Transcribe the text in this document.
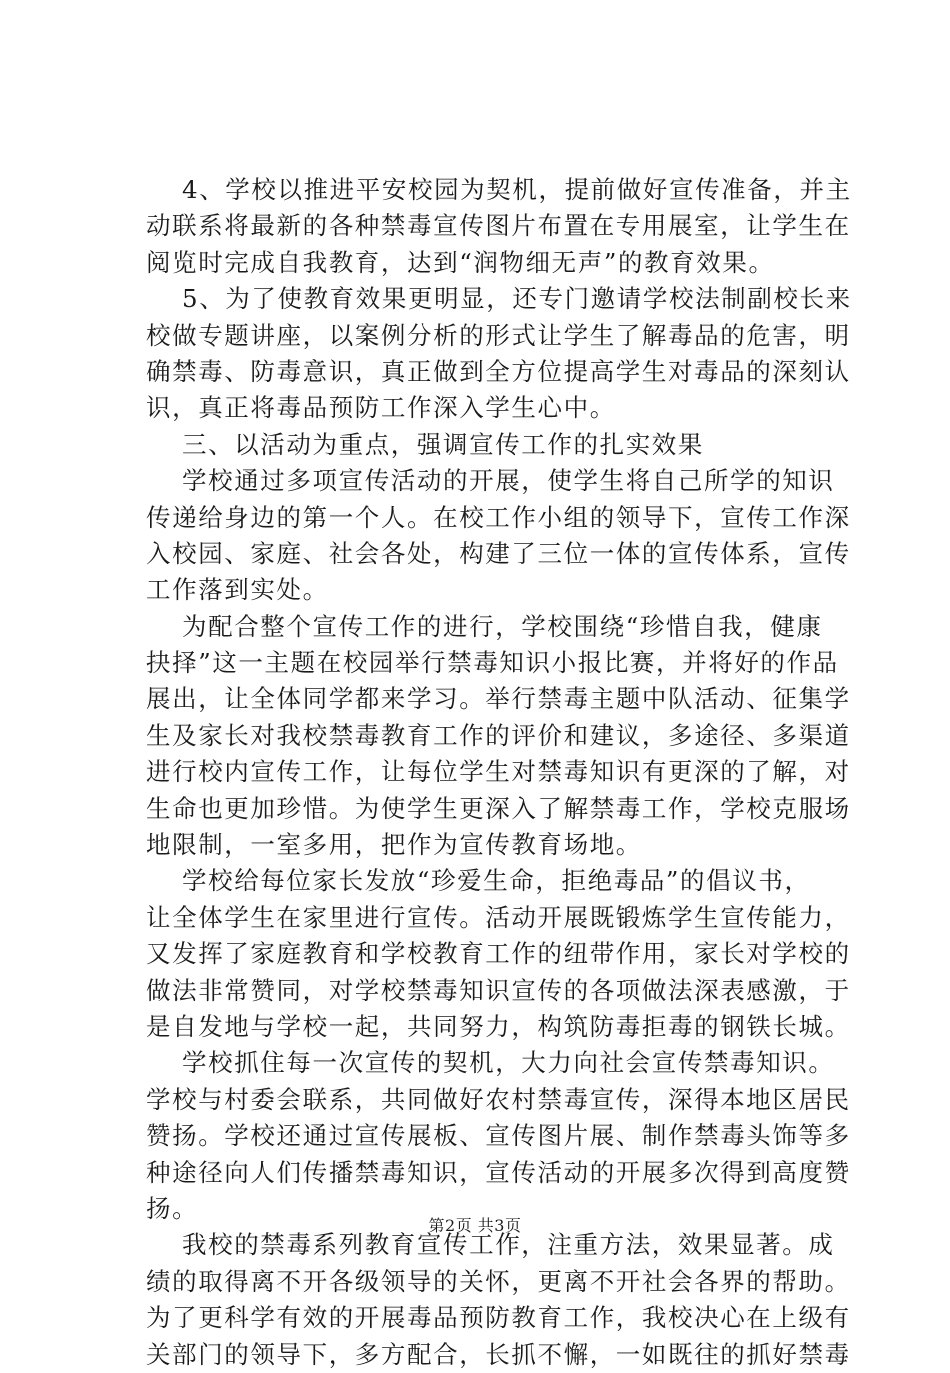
4、学校以推进平安校园为契机，提前做好宣传准备，并主
动联系将最新的各种禁毒宣传图片布置在专用展室，让学生在
阅览时完成自我教育，达到“润物细无声”的教育效果。
5、为了使教育效果更明显，还专门邀请学校法制副校长来
校做专题讲座，以案例分析的形式让学生了解毒品的危害，明
确禁毒、防毒意识，真正做到全方位提高学生对毒品的深刻认
识，真正将毒品预防工作深入学生心中。
三、以活动为重点，强调宣传工作的扎实效果
学校通过多项宣传活动的开展，使学生将自己所学的知识
传递给身边的第一个人。在校工作小组的领导下，宣传工作深
入校园、家庭、社会各处，构建了三位一体的宣传体系，宣传
工作落到实处。
为配合整个宣传工作的进行，学校围绕“珍惜自我，健康
抉择”这一主题在校园举行禁毒知识小报比赛，并将好的作品
展出，让全体同学都来学习。举行禁毒主题中队活动、征集学
生及家长对我校禁毒教育工作的评价和建议，多途径、多渠道
进行校内宣传工作，让每位学生对禁毒知识有更深的了解，对
生命也更加珍惜。为使学生更深入了解禁毒工作，学校克服场
地限制，一室多用，把作为宣传教育场地。
学校给每位家长发放“珍爱生命，拒绝毒品”的倡议书，
让全体学生在家里进行宣传。活动开展既锻炼学生宣传能力，
又发挥了家庭教育和学校教育工作的纽带作用，家长对学校的
做法非常赞同，对学校禁毒知识宣传的各项做法深表感激，于
是自发地与学校一起，共同努力，构筑防毒拒毒的钢铁长城。
学校抓住每一次宣传的契机，大力向社会宣传禁毒知识。
学校与村委会联系，共同做好农村禁毒宣传，深得本地区居民
赞扬。学校还通过宣传展板、宣传图片展、制作禁毒头饰等多
种途径向人们传播禁毒知识，宣传活动的开展多次得到高度赞
扬。
我校的禁毒系列教育宣传工作，注重方法，效果显著。成
绩的取得离不开各级领导的关怀，更离不开社会各界的帮助。
为了更科学有效的开展毒品预防教育工作，我校决心在上级有
关部门的领导下，多方配合，长抓不懈，一如既往的抓好禁毒
第2页 共3页
